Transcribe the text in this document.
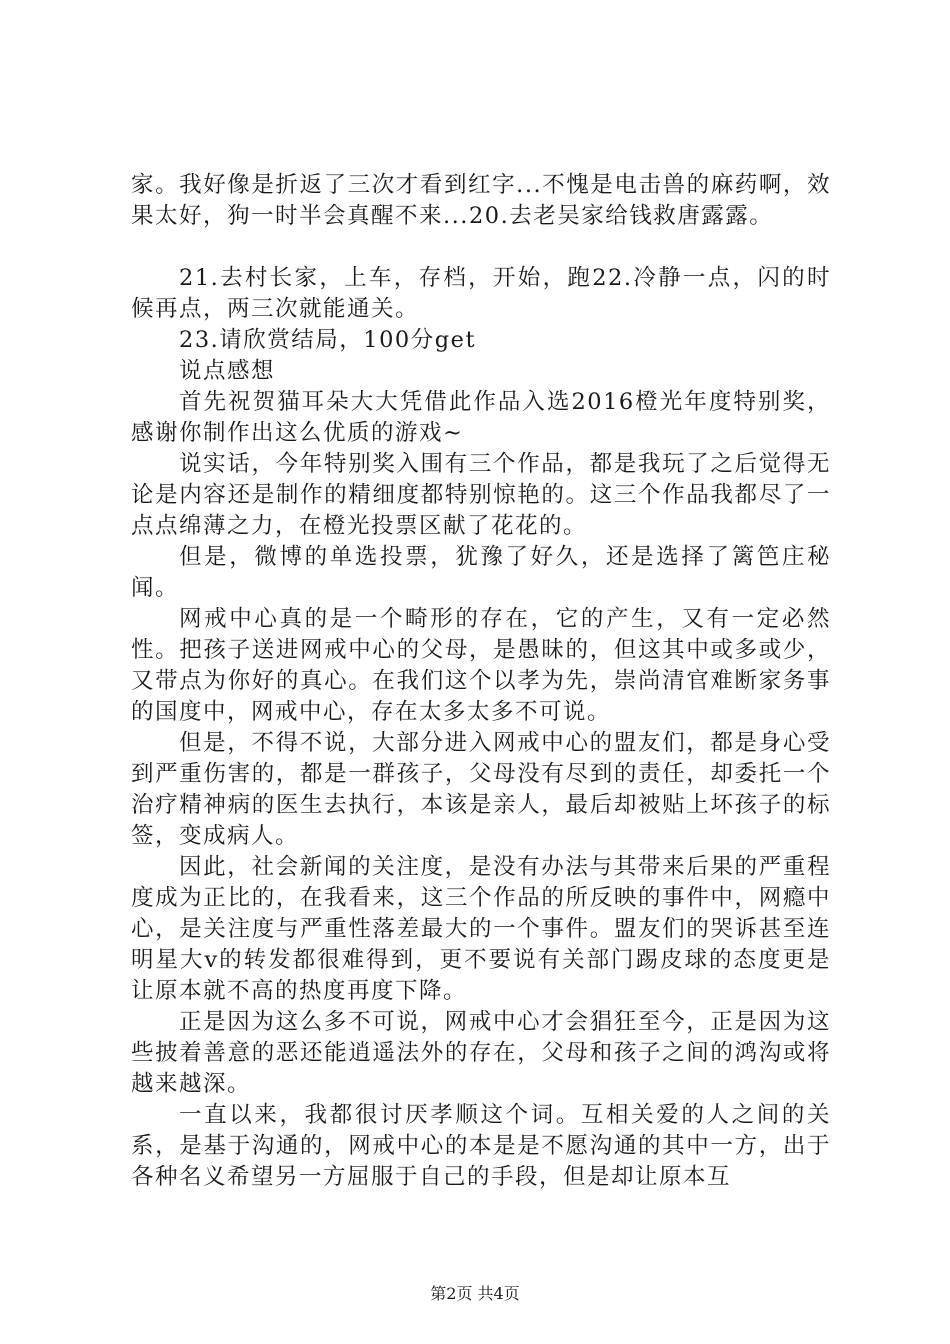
家。我好像是折返了三次才看到红字...不愧是电击兽的麻药啊，效果太好，狗一时半会真醒不来...20.去老吴家给钱救唐露露。

21.去村长家，上车，存档，开始，跑22.冷静一点，闪的时候再点，两三次就能通关。

23.请欣赏结局，100分get

说点感想

首先祝贺猫耳朵大大凭借此作品入选2016橙光年度特别奖，感谢你制作出这么优质的游戏~

说实话，今年特别奖入围有三个作品，都是我玩了之后觉得无论是内容还是制作的精细度都特别惊艳的。这三个作品我都尽了一点点绵薄之力，在橙光投票区献了花花的。

但是，微博的单选投票，犹豫了好久，还是选择了篱笆庄秘闻。

网戒中心真的是一个畸形的存在，它的产生，又有一定必然性。把孩子送进网戒中心的父母，是愚昧的，但这其中或多或少，又带点为你好的真心。在我们这个以孝为先，崇尚清官难断家务事的国度中，网戒中心，存在太多太多不可说。

但是，不得不说，大部分进入网戒中心的盟友们，都是身心受到严重伤害的，都是一群孩子，父母没有尽到的责任，却委托一个治疗精神病的医生去执行，本该是亲人，最后却被贴上坏孩子的标签，变成病人。

因此，社会新闻的关注度，是没有办法与其带来后果的严重程度成为正比的，在我看来，这三个作品的所反映的事件中，网瘾中心，是关注度与严重性落差最大的一个事件。盟友们的哭诉甚至连明星大v的转发都很难得到，更不要说有关部门踢皮球的态度更是让原本就不高的热度再度下降。

正是因为这么多不可说，网戒中心才会猖狂至今，正是因为这些披着善意的恶还能逍遥法外的存在，父母和孩子之间的鸿沟或将越来越深。

一直以来，我都很讨厌孝顺这个词。互相关爱的人之间的关系，是基于沟通的，网戒中心的本是是不愿沟通的其中一方，出于各种名义希望另一方屈服于自己的手段，但是却让原本互

第2页 共4页
